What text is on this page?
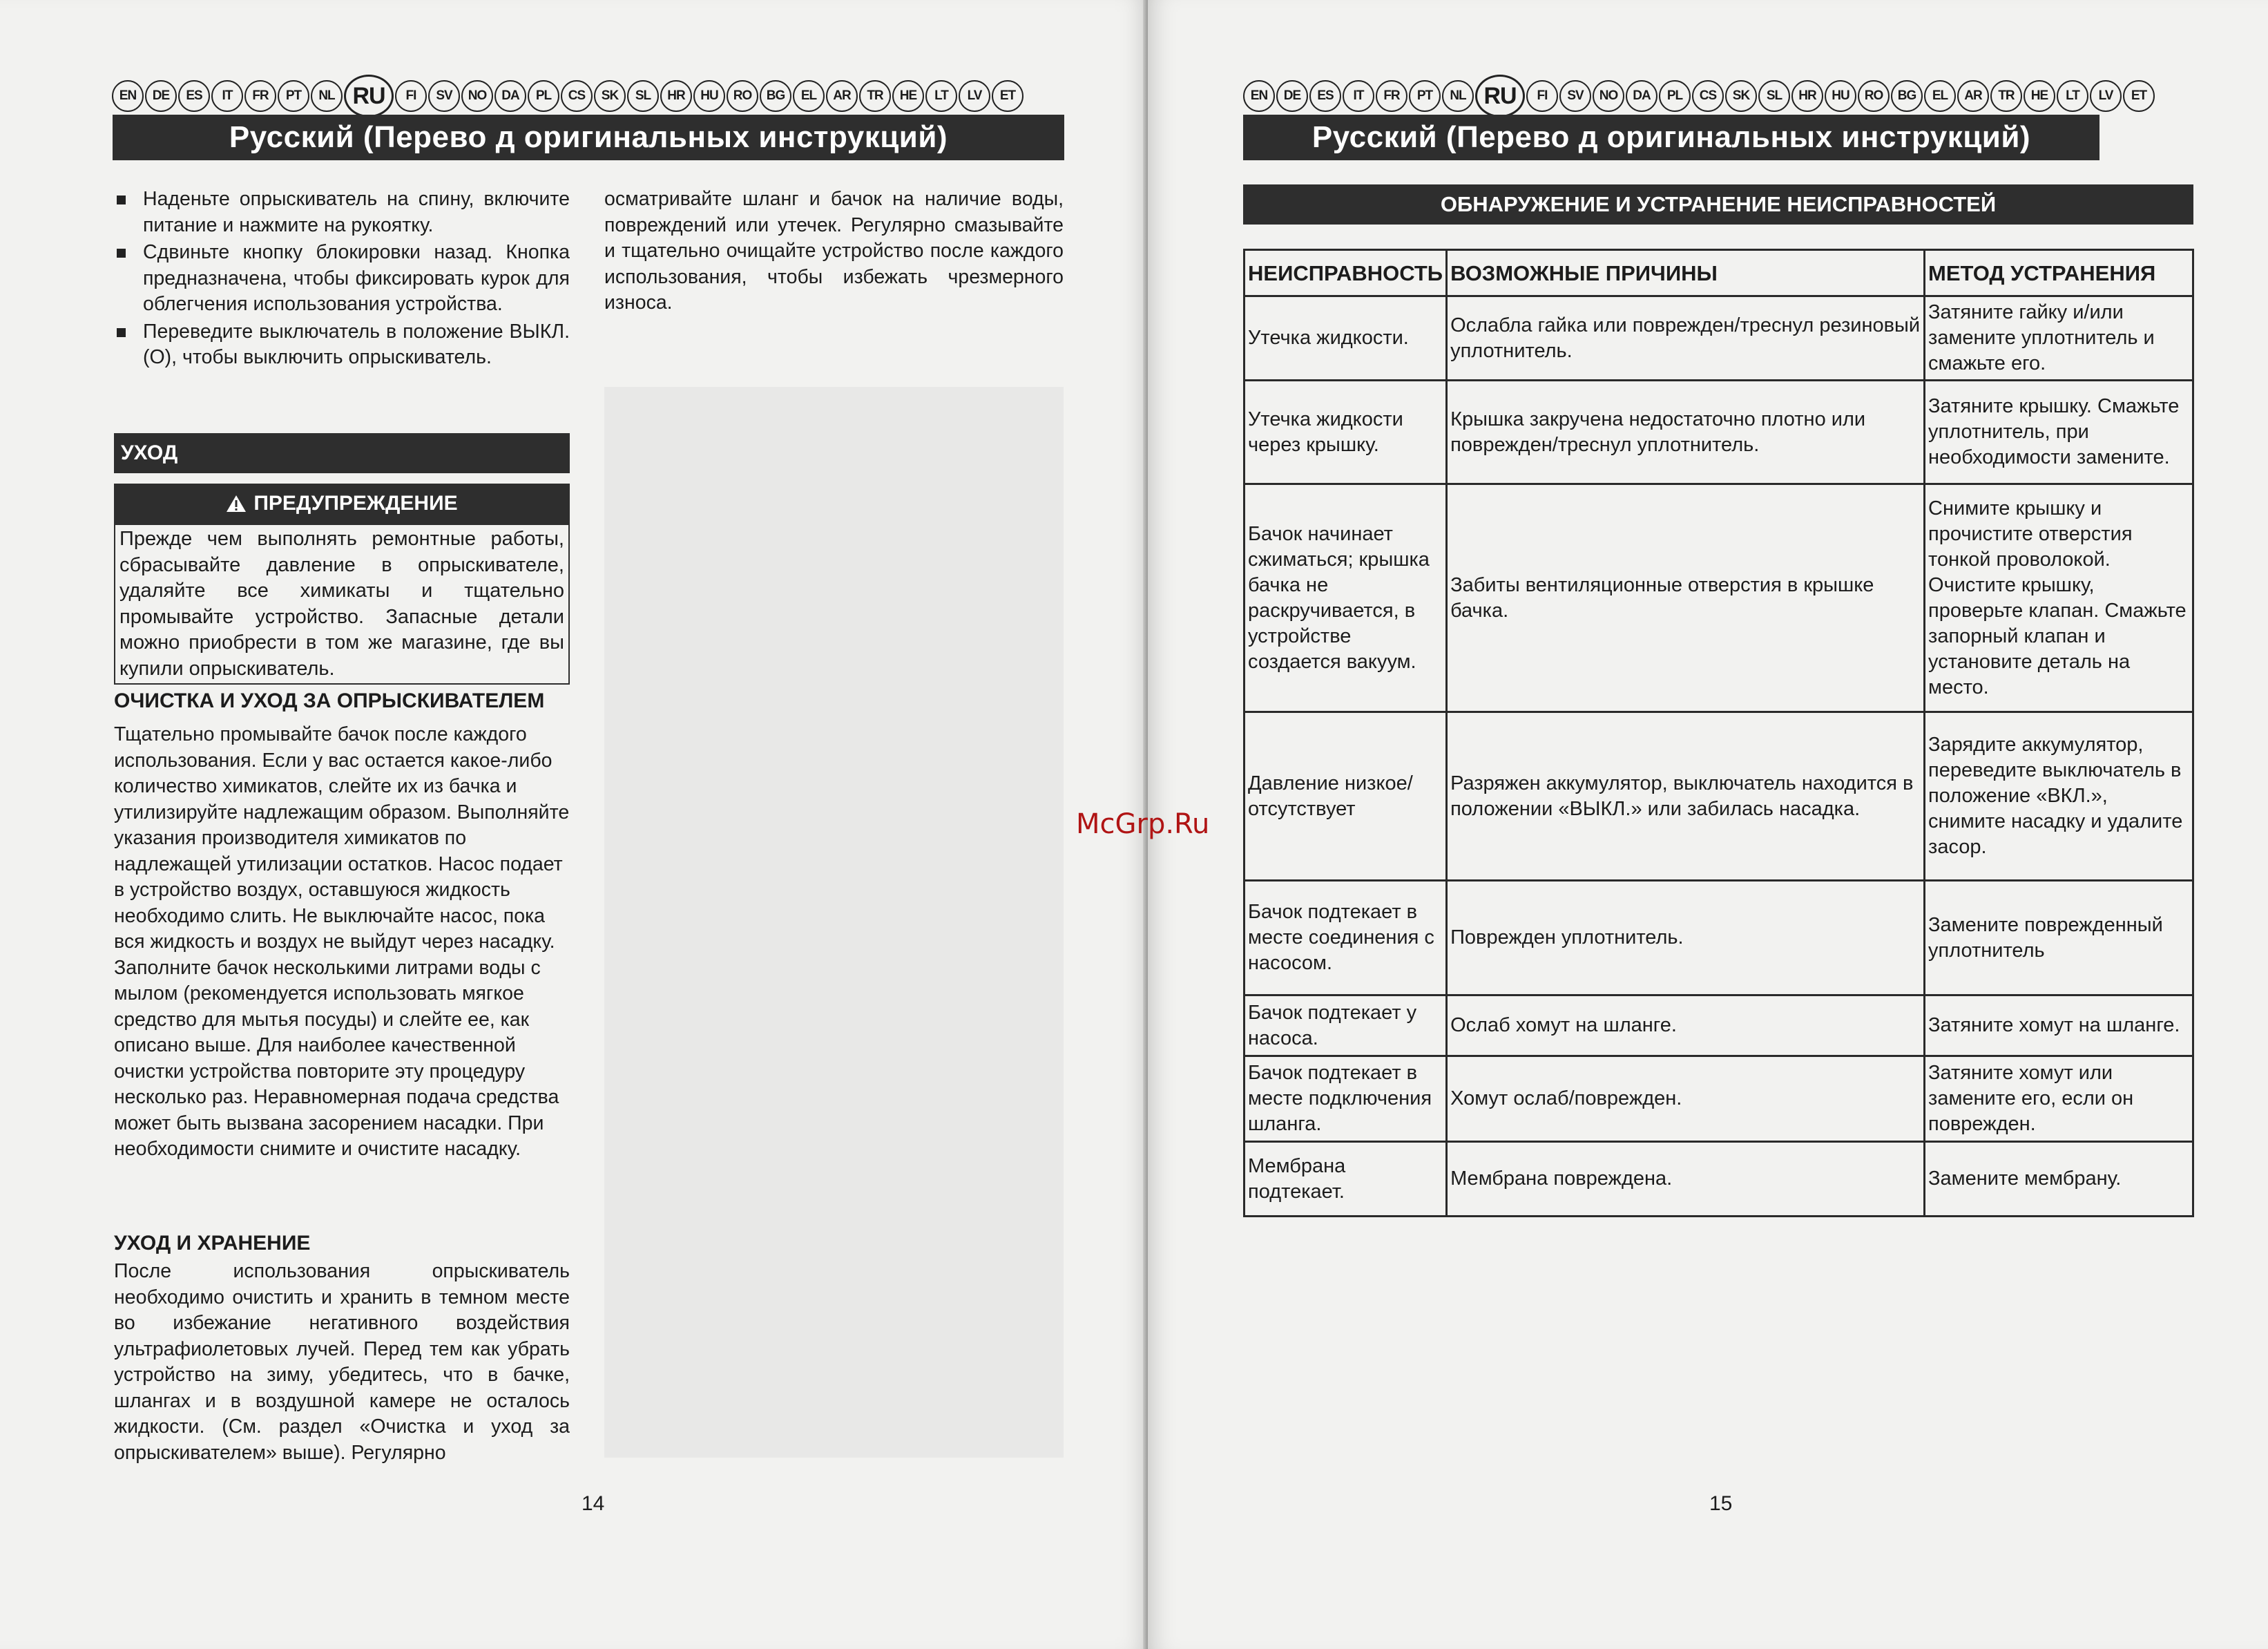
EN	DE	ES	IT	FR	PT	NL RU	FI	SV	NO	DA	PL	CS	SK	SL	HR	HU	RO	BG	EL	AR	TR	HE	LT	LV	ET
Русский (Перево д оригинальных инструкций)
Наденьте опрыскиватель на спину, включите питание и нажмите на рукоятку.
Сдвиньте кнопку блокировки назад. Кнопка предназначена, чтобы фиксировать курок для облегчения использования устройства.
Переведите выключатель в положение ВЫКЛ. (O), чтобы выключить опрыскиватель.
УХОД
ПРЕДУПРЕЖДЕНИЕ
Прежде чем выполнять ремонтные работы, сбрасывайте давление в опрыскивателе, удаляйте все химикаты и тщательно промывайте устройство. Запасные детали можно приобрести в том же магазине, где вы купили опрыскиватель.
ОЧИСТКА И УХОД ЗА ОПРЫСКИВАТЕЛЕМ
Тщательно промывайте бачок после каждого использования. Если у вас остается какое-либо количество химикатов, слейте их из бачка и утилизируйте надлежащим образом. Выполняйте указания производителя химикатов по надлежащей утилизации остатков. Насос подает в устройство воздух, оставшуюся жидкость необходимо слить. Не выключайте насос, пока вся жидкость и воздух не выйдут через насадку. Заполните бачок несколькими литрами воды с мылом (рекомендуется использовать мягкое средство для мытья посуды) и слейте ее, как описано выше. Для наиболее качественной очистки устройства повторите эту процедуру несколько раз. Неравномерная подача средства может быть вызвана засорением насадки. При необходимости снимите и очистите насадку.
УХОД И ХРАНЕНИЕ
После использования опрыскиватель необходимо очистить и хранить в темном месте во избежание негативного воздействия ультрафиолетовых лучей. Перед тем как убрать устройство на зиму, убедитесь, что в бачке, шлангах и в воздушной камере не осталось жидкости. (См. раздел «Очистка и уход за опрыскивателем» выше). Регулярно
осматривайте шланг и бачок на наличие воды, повреждений или утечек. Регулярно смазывайте и тщательно очищайте устройство после каждого использования, чтобы избежать чрезмерного износа.
14
EN	DE	ES	IT	FR	PT	NL RU	FI	SV	NO	DA	PL	CS	SK	SL	HR	HU	RO	BG	EL	AR	TR	HE	LT	LV	ET
Русский (Перево д оригинальных инструкций)
15
ОБНАРУЖЕНИЕ И УСТРАНЕНИЕ НЕИСПРАВНОСТЕЙ
НЕИСПРАВНОСТЬ	ВОЗМОЖНЫЕ ПРИЧИНЫ	МЕТОД УСТРАНЕНИЯ
Утечка жидкости.	Ослабла гайка или поврежден/треснул резиновый уплотнитель.	Затяните гайку и/или замените уплотнитель и смажьте его.
Утечка жидкости через крышку.	Крышка закручена недостаточно плотно или поврежден/треснул уплотнитель.	Затяните крышку. Смажьте уплотнитель, при необходимости замените.
Бачок начинает сжиматься; крышка бачка не раскручивается, в устройстве создается вакуум.	Забиты вентиляционные отверстия в крышке бачка.	Снимите крышку и прочистите отверстия тонкой проволокой. Очистите крышку, проверьте клапан. Смажьте запорный клапан и установите деталь на место.
Давление низкое/ отсутствует	Разряжен аккумулятор, выключатель находится в положении «ВЫКЛ.» или забилась насадка.	Зарядите аккумулятор, переведите выключатель в положение «ВКЛ.», снимите насадку и удалите засор.
Бачок подтекает в месте соединения с насосом.	Поврежден уплотнитель.	Замените поврежденный уплотнитель
Бачок подтекает у насоса.	Ослаб хомут на шланге.	Затяните хомут на шланге.
Бачок подтекает в месте подключения шланга.	Хомут ослаб/поврежден.	Затяните хомут или замените его, если он поврежден.
Мембрана подтекает.	Мембрана повреждена.	Замените мембрану.
McGrp.Ru
